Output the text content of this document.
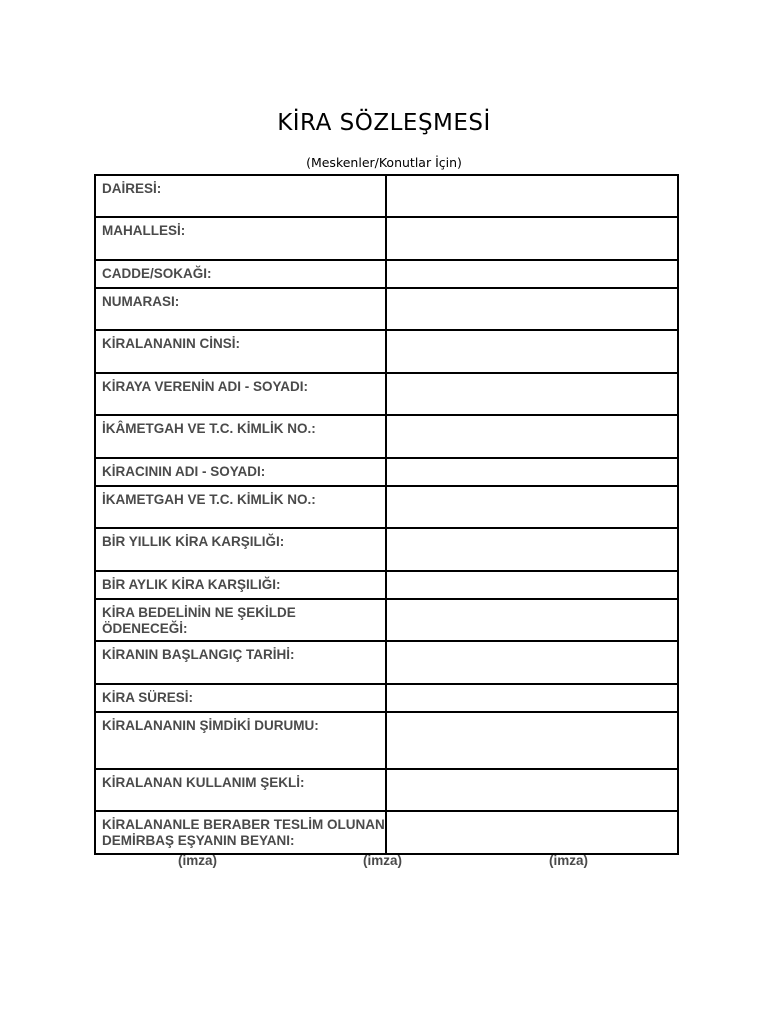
KİRA SÖZLEŞMESİ
(Meskenler/Konutlar İçin)
DAİRESİ:	

MAHALLESİ:	

CADDE/SOKAĞI:	

NUMARASI:	

KİRALANANIN CİNSİ:	

KİRAYA VERENİN ADI - SOYADI:	

İKÂMETGAH VE T.C. KİMLİK NO.:	

KİRACININ ADI - SOYADI:	

İKAMETGAH VE T.C. KİMLİK NO.:	

BİR YILLIK KİRA KARŞILIĞI:	

BİR AYLIK KİRA KARŞILIĞI:	

KİRA BEDELİNİN NE ŞEKİLDE ÖDENECEĞİ:	

KİRANIN BAŞLANGIÇ TARİHİ:	

KİRA SÜRESİ:	

KİRALANANIN ŞİMDİKİ DURUMU:	

KİRALANAN KULLANIM ŞEKLİ:	

KİRALANANLE BERABER TESLİM OLUNAN DEMİRBAŞ EŞYANIN BEYANI:	

(imza)	(imza)	(imza)
